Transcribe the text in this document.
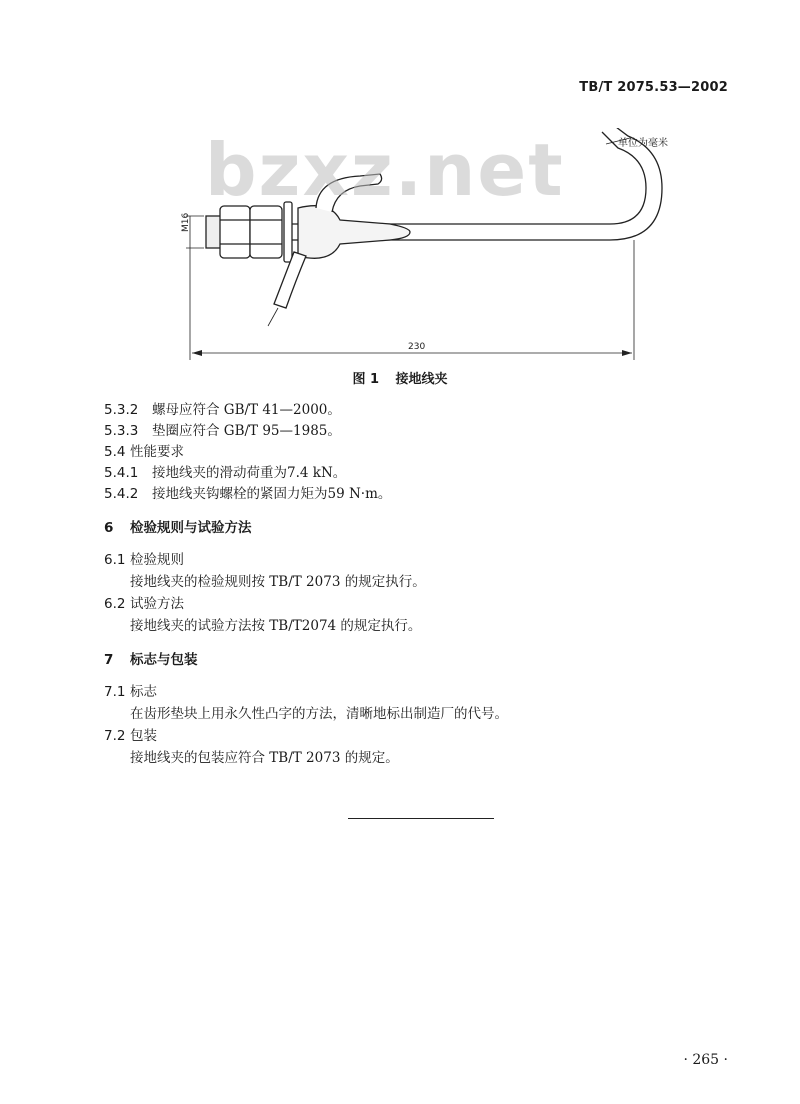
TB/T 2075.53—2002
M16
230
bzxz.net	单位为毫米
图 1 接地线夹
5.3.2 螺母应符合 GB/T 41—2000。
5.3.3 垫圈应符合 GB/T 95—1985。
5.4 性能要求
5.4.1 接地线夹的滑动荷重为7.4 kN。
5.4.2 接地线夹钩螺栓的紧固力矩为59 N·m。
6 检验规则与试验方法
6.1 检验规则
接地线夹的检验规则按 TB/T 2073 的规定执行。
6.2 试验方法
接地线夹的试验方法按 TB/T2074 的规定执行。
7 标志与包装
7.1 标志
在齿形垫块上用永久性凸字的方法，清晰地标出制造厂的代号。
7.2 包装
接地线夹的包装应符合 TB/T 2073 的规定。
· 265 ·
